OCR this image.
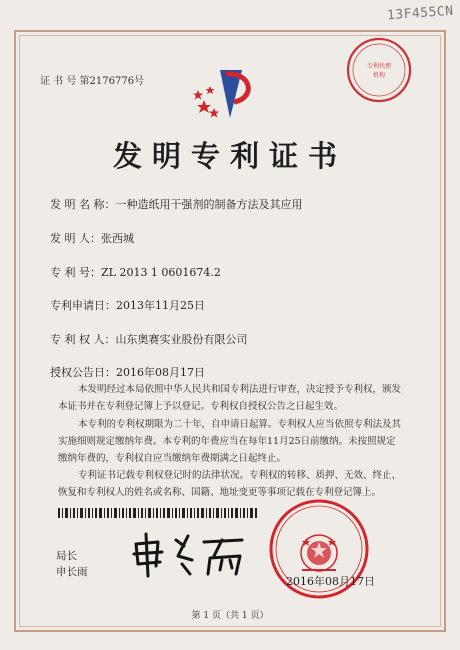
13F455CN
证 书 号 第2176776号
专利代理
机构
发明专利证书
发 明 名 称：一种造纸用干强剂的制备方法及其应用
发 明 人：张西城
专 利 号：ZL 2013 1 0601674.2
专利申请日：2013年11月25日
专 利 权 人：山东奥赛实业股份有限公司
授权公告日：2016年08月17日
本发明经过本局依照中华人民共和国专利法进行审查，决定授予专利权，颁发本证书并在专利登记簿上予以登记。专利权自授权公告之日起生效。
本专利的专利权期限为二十年，自申请日起算。专利权人应当依照专利法及其实施细则规定缴纳年费。本专利的年费应当在每年11月25日前缴纳。未按照规定缴纳年费的，专利权自应当缴纳年费期满之日起终止。
专利证书记载专利权登记时的法律状况。专利权的转移、质押、无效、终止、恢复和专利权人的姓名或名称、国籍、地址变更等事项记载在专利登记簿上。
局长
申长雨
2016年08月17日
第 1 页（共 1 页）
